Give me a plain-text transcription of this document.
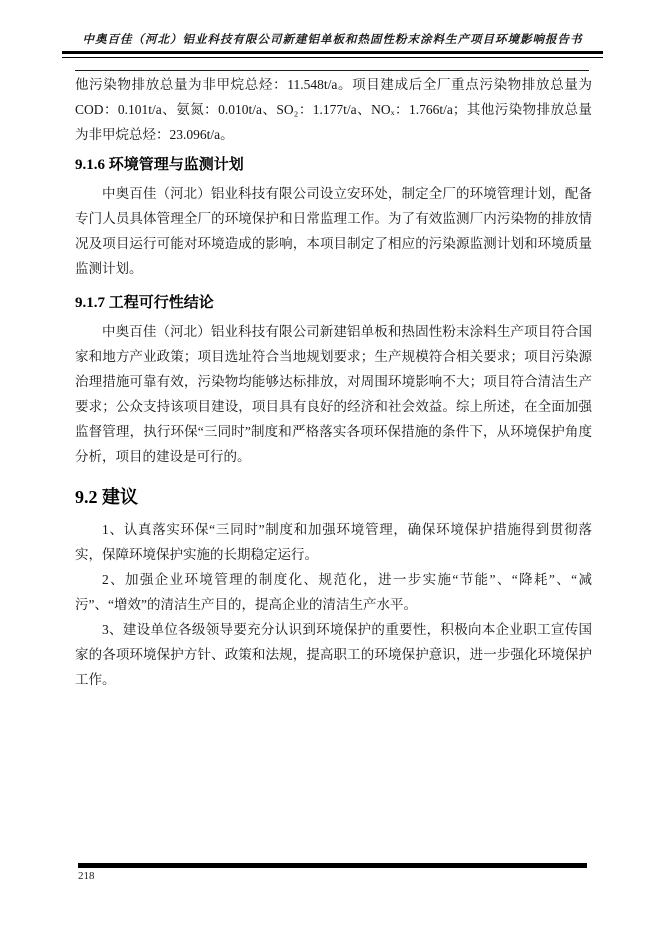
中奥百佳（河北）铝业科技有限公司新建铝单板和热固性粉末涂料生产项目环境影响报告书

他污染物排放总量为非甲烷总烃：11.548t/a。项目建成后全厂重点污染物排放总量为COD：0.101t/a、氨氮：0.010t/a、SO₂：1.177t/a、NOₓ：1.766t/a；其他污染物排放总量为非甲烷总烃：23.096t/a。

9.1.6 环境管理与监测计划

中奥百佳（河北）铝业科技有限公司设立安环处，制定全厂的环境管理计划，配备专门人员具体管理全厂的环境保护和日常监理工作。为了有效监测厂内污染物的排放情况及项目运行可能对环境造成的影响，本项目制定了相应的污染源监测计划和环境质量监测计划。

9.1.7 工程可行性结论

中奥百佳（河北）铝业科技有限公司新建铝单板和热固性粉末涂料生产项目符合国家和地方产业政策；项目选址符合当地规划要求；生产规模符合相关要求；项目污染源治理措施可靠有效，污染物均能够达标排放，对周围环境影响不大；项目符合清洁生产要求；公众支持该项目建设，项目具有良好的经济和社会效益。综上所述，在全面加强监督管理，执行环保“三同时”制度和严格落实各项环保措施的条件下，从环境保护角度分析，项目的建设是可行的。

9.2 建议

1、认真落实环保“三同时”制度和加强环境管理，确保环境保护措施得到贯彻落实，保障环境保护实施的长期稳定运行。

2、加强企业环境管理的制度化、规范化，进一步实施“节能”、“降耗”、“减污”、“增效”的清洁生产目的，提高企业的清洁生产水平。

3、建设单位各级领导要充分认识到环境保护的重要性，积极向本企业职工宣传国家的各项环境保护方针、政策和法规，提高职工的环境保护意识，进一步强化环境保护工作。

218
